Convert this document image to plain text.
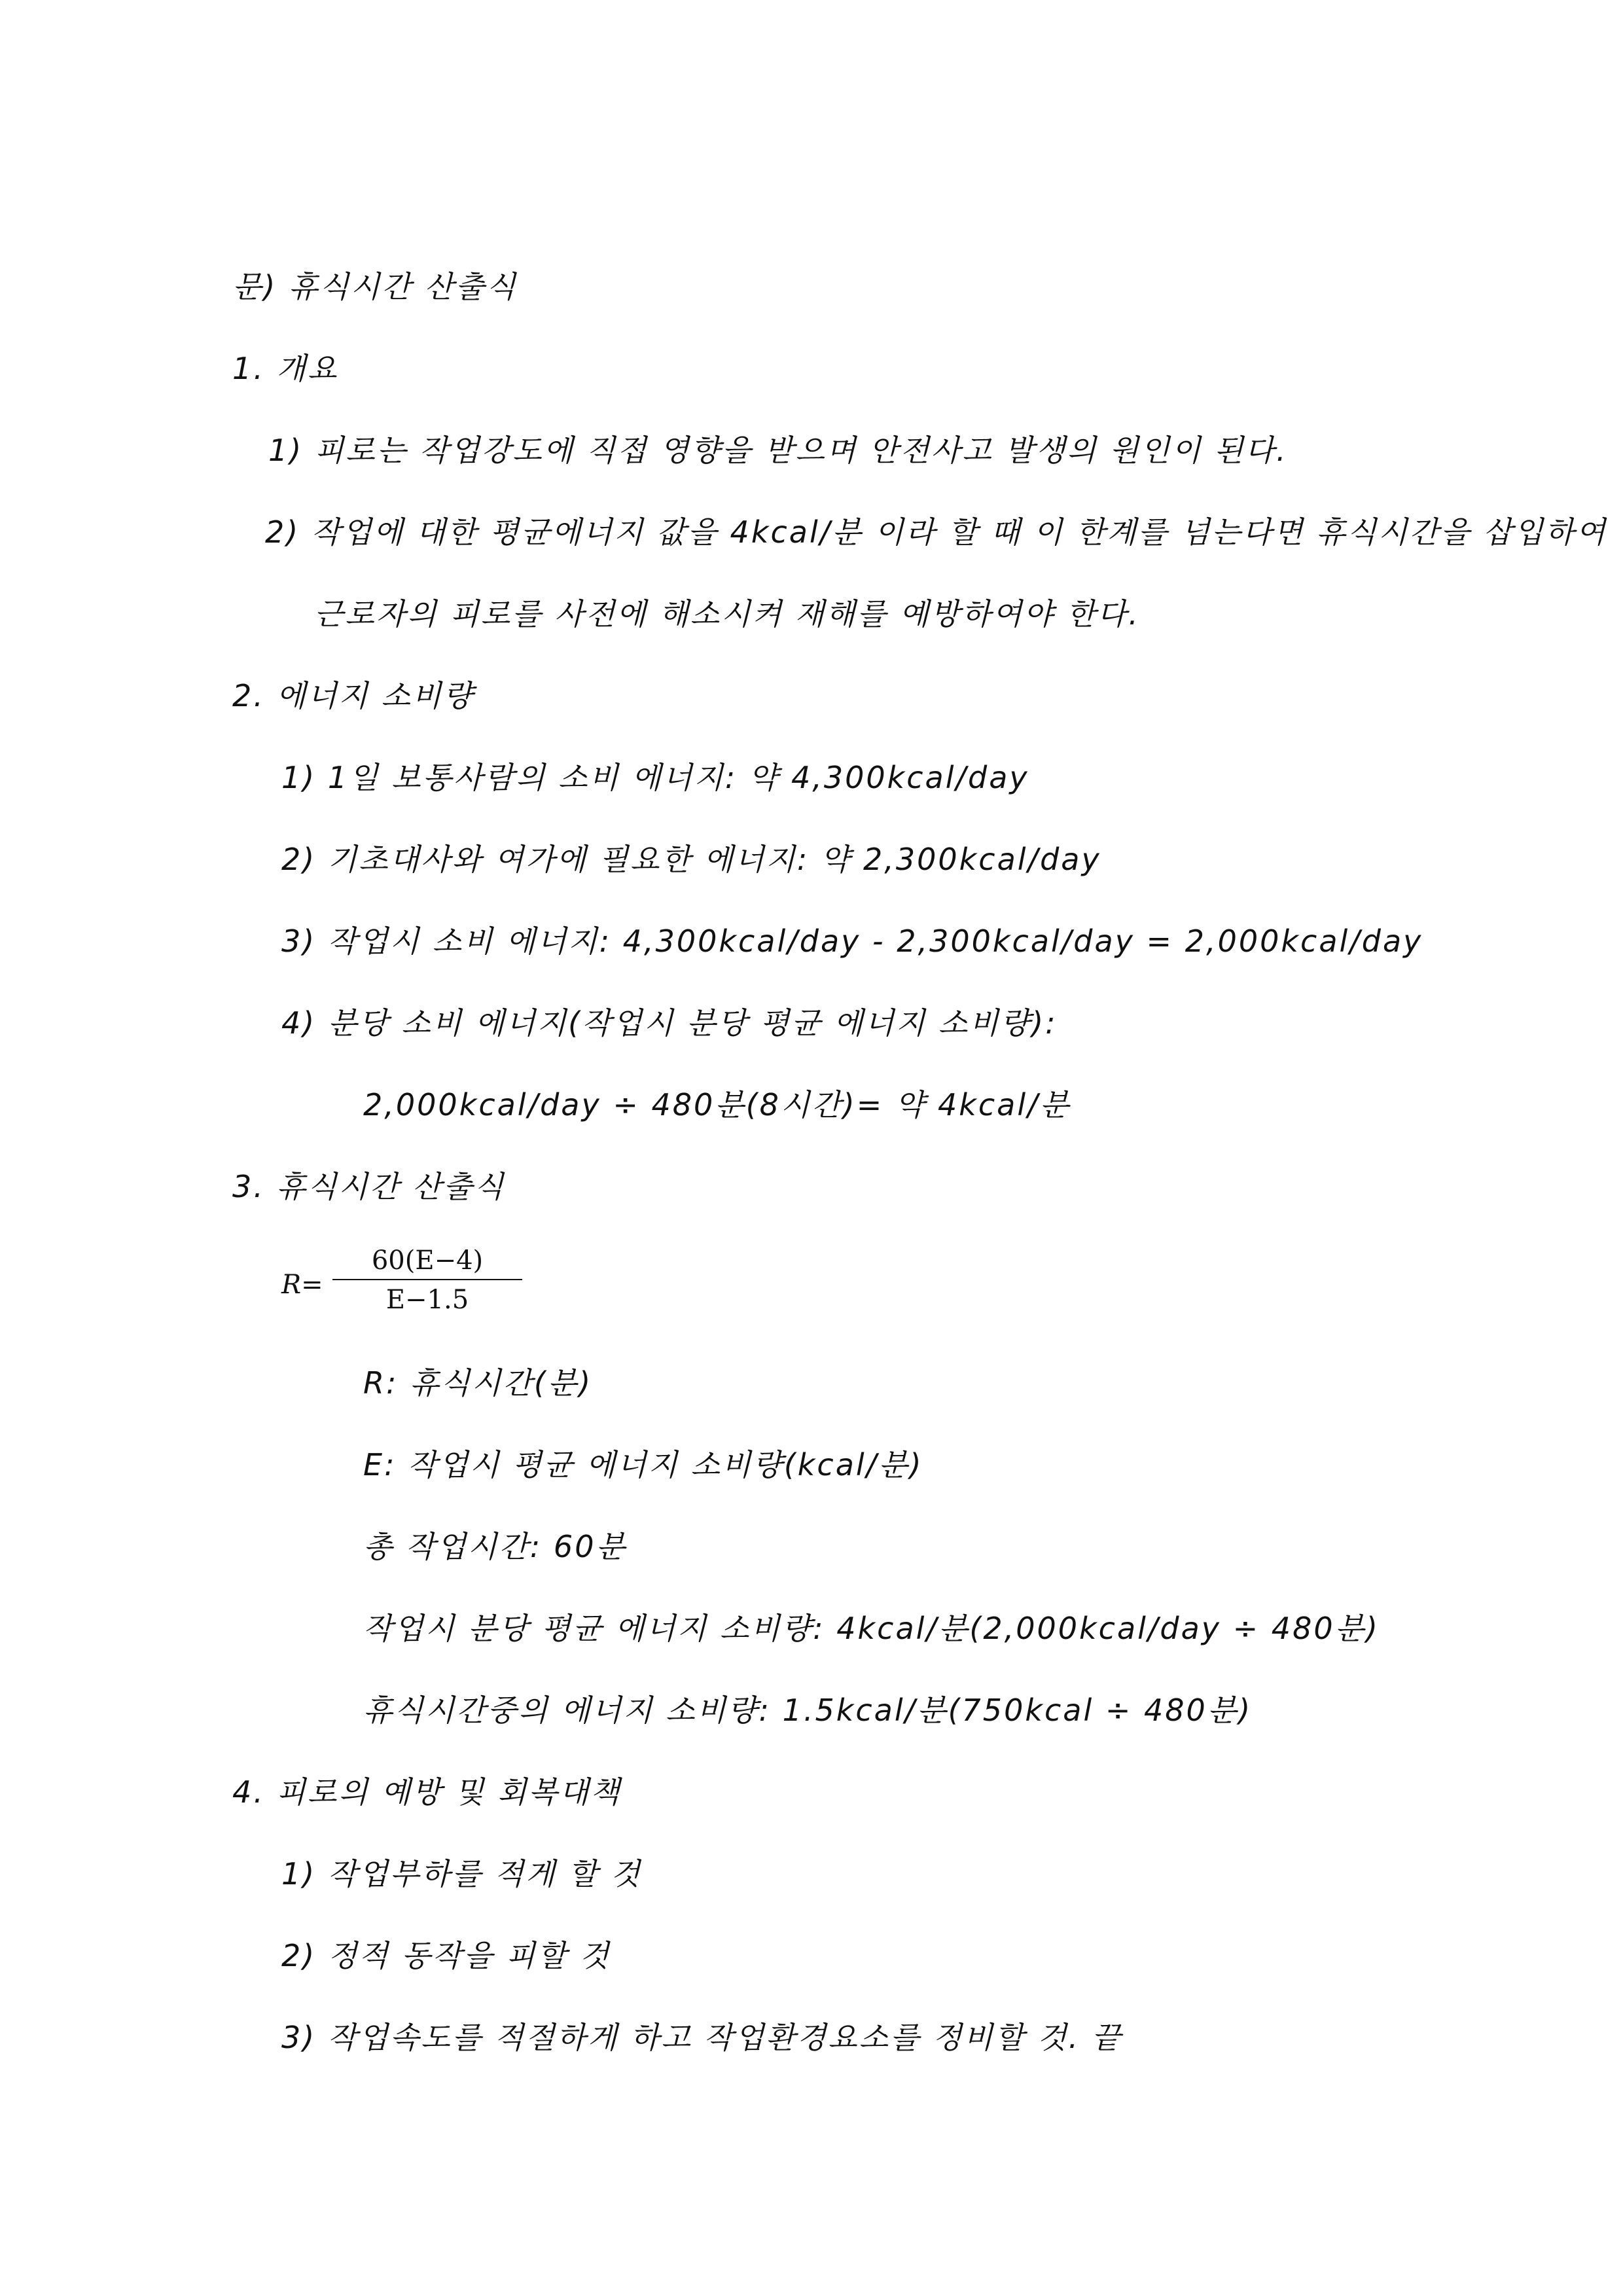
문) 휴식시간 산출식
1. 개요
1) 피로는 작업강도에 직접 영향을 받으며 안전사고 발생의 원인이 된다.
2) 작업에 대한 평균에너지 값을 4kcal/분 이라 할 때 이 한계를 넘는다면 휴식시간을 삽입하여
근로자의 피로를 사전에 해소시켜 재해를 예방하여야 한다.
2. 에너지 소비량
1) 1일 보통사람의 소비 에너지: 약 4,300kcal/day
2) 기초대사와 여가에 필요한 에너지: 약 2,300kcal/day
3) 작업시 소비 에너지: 4,300kcal/day - 2,300kcal/day = 2,000kcal/day
4) 분당 소비 에너지(작업시 분당 평균 에너지 소비량):
2,000kcal/day ÷ 480분(8시간)= 약 4kcal/분
3. 휴식시간 산출식
R=
60(E−4)
E−1.5
R: 휴식시간(분)
E: 작업시 평균 에너지 소비량(kcal/분)
총 작업시간: 60분
작업시 분당 평균 에너지 소비량: 4kcal/분(2,000kcal/day ÷ 480분)
휴식시간중의 에너지 소비량: 1.5kcal/분(750kcal ÷ 480분)
4. 피로의 예방 및 회복대책
1) 작업부하를 적게 할 것
2) 정적 동작을 피할 것
3) 작업속도를 적절하게 하고 작업환경요소를 정비할 것. 끝
